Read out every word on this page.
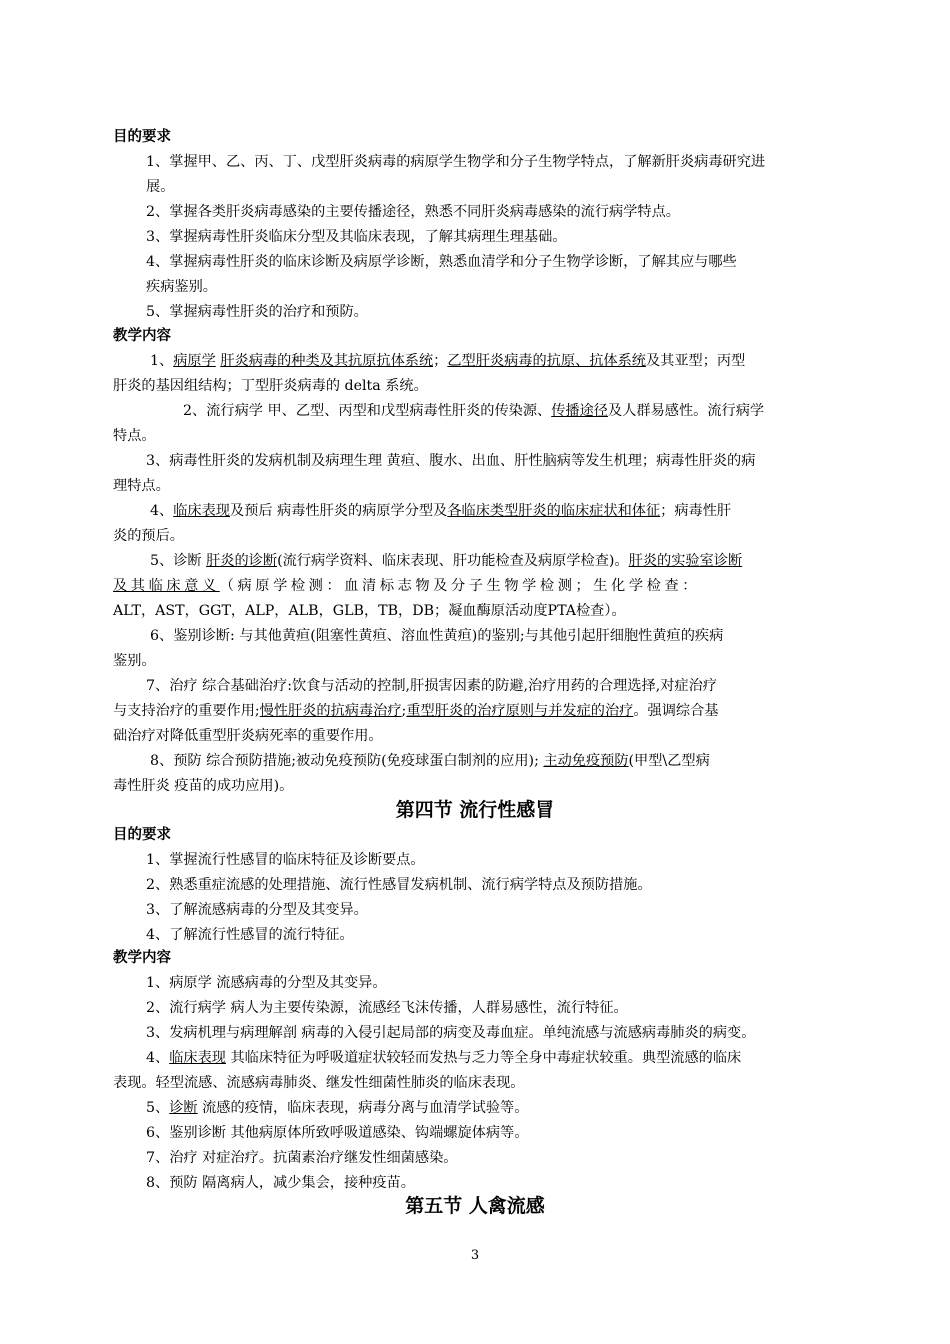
目的要求
1、掌握甲、乙、丙、丁、戊型肝炎病毒的病原学生物学和分子生物学特点，了解新肝炎病毒研究进
展。
2、掌握各类肝炎病毒感染的主要传播途径，熟悉不同肝炎病毒感染的流行病学特点。
3、掌握病毒性肝炎临床分型及其临床表现，了解其病理生理基础。
4、掌握病毒性肝炎的临床诊断及病原学诊断，熟悉血清学和分子生物学诊断，了解其应与哪些
疾病鉴别。
5、掌握病毒性肝炎的治疗和预防。
教学内容
1、病原学 肝炎病毒的种类及其抗原抗体系统；乙型肝炎病毒的抗原、抗体系统及其亚型；丙型
肝炎的基因组结构；丁型肝炎病毒的 delta 系统。
2、流行病学 甲、乙型、丙型和戊型病毒性肝炎的传染源、传播途径及人群易感性。流行病学
特点。
3、病毒性肝炎的发病机制及病理生理 黄疸、腹水、出血、肝性脑病等发生机理；病毒性肝炎的病
理特点。
4、临床表现及预后 病毒性肝炎的病原学分型及各临床类型肝炎的临床症状和体征；病毒性肝
炎的预后。
5、诊断 肝炎的诊断(流行病学资料、临床表现、肝功能检查及病原学检查)。肝炎的实验室诊断
及其临床意义（病原学检测：血清标志物及分子生物学检测；生化学检查：
ALT，AST，GGT，ALP，ALB，GLB，TB，DB；凝血酶原活动度PTA检查）。
6、鉴别诊断: 与其他黄疸(阻塞性黄疸、溶血性黄疸)的鉴别;与其他引起肝细胞性黄疸的疾病
鉴别。
7、治疗 综合基础治疗:饮食与活动的控制,肝损害因素的防避,治疗用药的合理选择,对症治疗
与支持治疗的重要作用;慢性肝炎的抗病毒治疗;重型肝炎的治疗原则与并发症的治疗。强调综合基
础治疗对降低重型肝炎病死率的重要作用。
8、预防 综合预防措施;被动免疫预防(免疫球蛋白制剂的应用); 主动免疫预防(甲型\乙型病
毒性肝炎 疫苗的成功应用)。
第四节 流行性感冒
目的要求
1、掌握流行性感冒的临床特征及诊断要点。
2、熟悉重症流感的处理措施、流行性感冒发病机制、流行病学特点及预防措施。
3、了解流感病毒的分型及其变异。
4、了解流行性感冒的流行特征。
教学内容
1、病原学 流感病毒的分型及其变异。
2、流行病学 病人为主要传染源，流感经飞沫传播，人群易感性，流行特征。
3、发病机理与病理解剖 病毒的入侵引起局部的病变及毒血症。单纯流感与流感病毒肺炎的病变。
4、临床表现 其临床特征为呼吸道症状较轻而发热与乏力等全身中毒症状较重。典型流感的临床
表现。轻型流感、流感病毒肺炎、继发性细菌性肺炎的临床表现。
5、诊断 流感的疫情，临床表现，病毒分离与血清学试验等。
6、鉴别诊断 其他病原体所致呼吸道感染、钩端螺旋体病等。
7、治疗 对症治疗。抗菌素治疗继发性细菌感染。
8、预防 隔离病人，减少集会，接种疫苗。
第五节 人禽流感
3
